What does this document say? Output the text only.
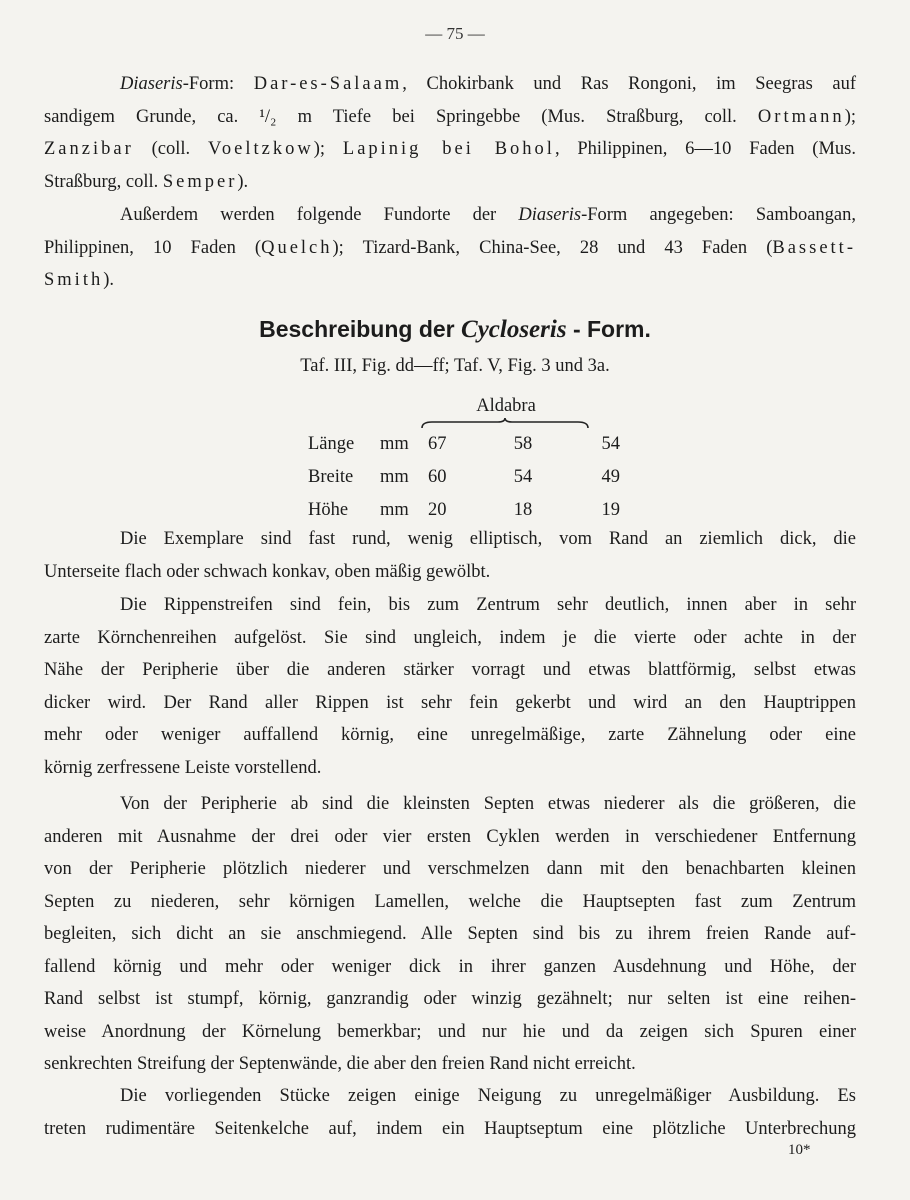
— 75 —
Diaseris-Form: Dar-es-Salaam, Chokirbank und Ras Rongoni, im Seegras auf
sandigem Grunde, ca. ¹/₂ m Tiefe bei Springebbe (Mus. Straßburg, coll. Ortmann);
Zanzibar (coll. Voeltzkow); Lapinig bei Bohol, Philippinen, 6—10 Faden (Mus.
Straßburg, coll. Semper).
Außerdem werden folgende Fundorte der Diaseris-Form angegeben: Samboangan,
Philippinen, 10 Faden (Quelch); Tizard-Bank, China-See, 28 und 43 Faden (Bassett-
Smith).
Beschreibung der Cycloseris - Form.
Taf. III, Fig. dd—ff; Taf. V, Fig. 3 und 3a.
Aldabra
Länge	mm	67	58	54
Breite	mm	60	54	49
Höhe	mm	20	18	19
Die Exemplare sind fast rund, wenig elliptisch, vom Rand an ziemlich dick, die
Unterseite flach oder schwach konkav, oben mäßig gewölbt.
Die Rippenstreifen sind fein, bis zum Zentrum sehr deutlich, innen aber in sehr
zarte Körnchenreihen aufgelöst. Sie sind ungleich, indem je die vierte oder achte in der
Nähe der Peripherie über die anderen stärker vorragt und etwas blattförmig, selbst etwas
dicker wird. Der Rand aller Rippen ist sehr fein gekerbt und wird an den Hauptrippen
mehr oder weniger auffallend körnig, eine unregelmäßige, zarte Zähnelung oder eine
körnig zerfressene Leiste vorstellend.
Von der Peripherie ab sind die kleinsten Septen etwas niederer als die größeren, die
anderen mit Ausnahme der drei oder vier ersten Cyklen werden in verschiedener Entfernung
von der Peripherie plötzlich niederer und verschmelzen dann mit den benachbarten kleinen
Septen zu niederen, sehr körnigen Lamellen, welche die Hauptsepten fast zum Zentrum
begleiten, sich dicht an sie anschmiegend. Alle Septen sind bis zu ihrem freien Rande auf-
fallend körnig und mehr oder weniger dick in ihrer ganzen Ausdehnung und Höhe, der
Rand selbst ist stumpf, körnig, ganzrandig oder winzig gezähnelt; nur selten ist eine reihen-
weise Anordnung der Körnelung bemerkbar; und nur hie und da zeigen sich Spuren einer
senkrechten Streifung der Septenwände, die aber den freien Rand nicht erreicht.
Die vorliegenden Stücke zeigen einige Neigung zu unregelmäßiger Ausbildung. Es
treten rudimentäre Seitenkelche auf, indem ein Hauptseptum eine plötzliche Unterbrechung
10*
